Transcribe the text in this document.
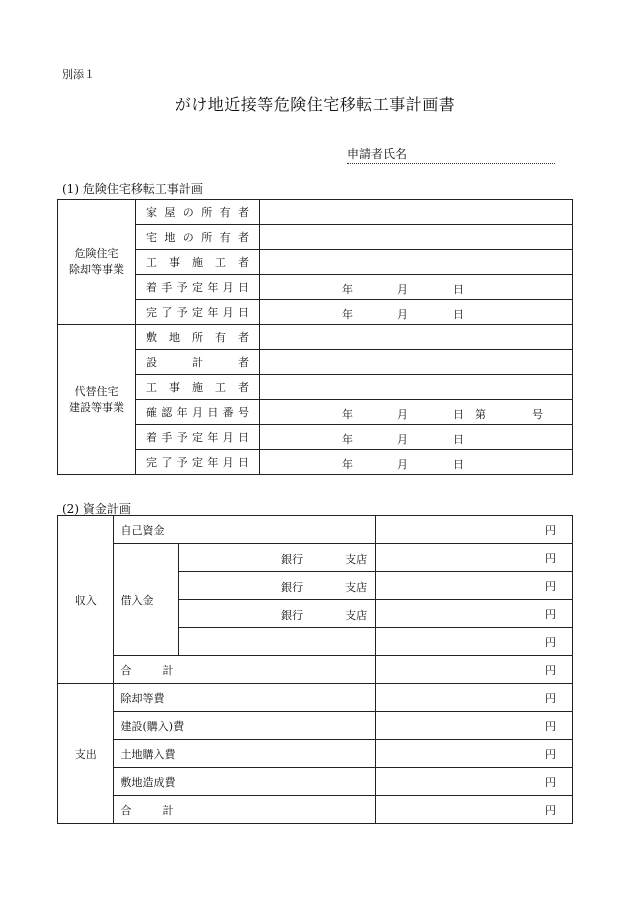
別添１
がけ地近接等危険住宅移転工事計画書
申請者氏名
(1) 危険住宅移転工事計画
危険住宅
除却等事業	家屋の所有者	
	宅地の所有者	
	工事施工者	
	着手予定年月日	年 月 日

	完了予定年月日	年 月 日

代替住宅
建設等事業	敷地所有者	
	設計者	
	工事施工者	
	確認年月日番号	年 月 日 第 号

	着手予定年月日	年 月 日

	完了予定年月日	年 月 日
(2) 資金計画
収入	自己資金		円
	借入金	銀行 支店	円

		銀行 支店	円

		銀行 支店	円
			円
	合　計		円
支出	除却等費		円
	建設(購入)費		円
	土地購入費		円
	敷地造成費		円
	合　計		円
